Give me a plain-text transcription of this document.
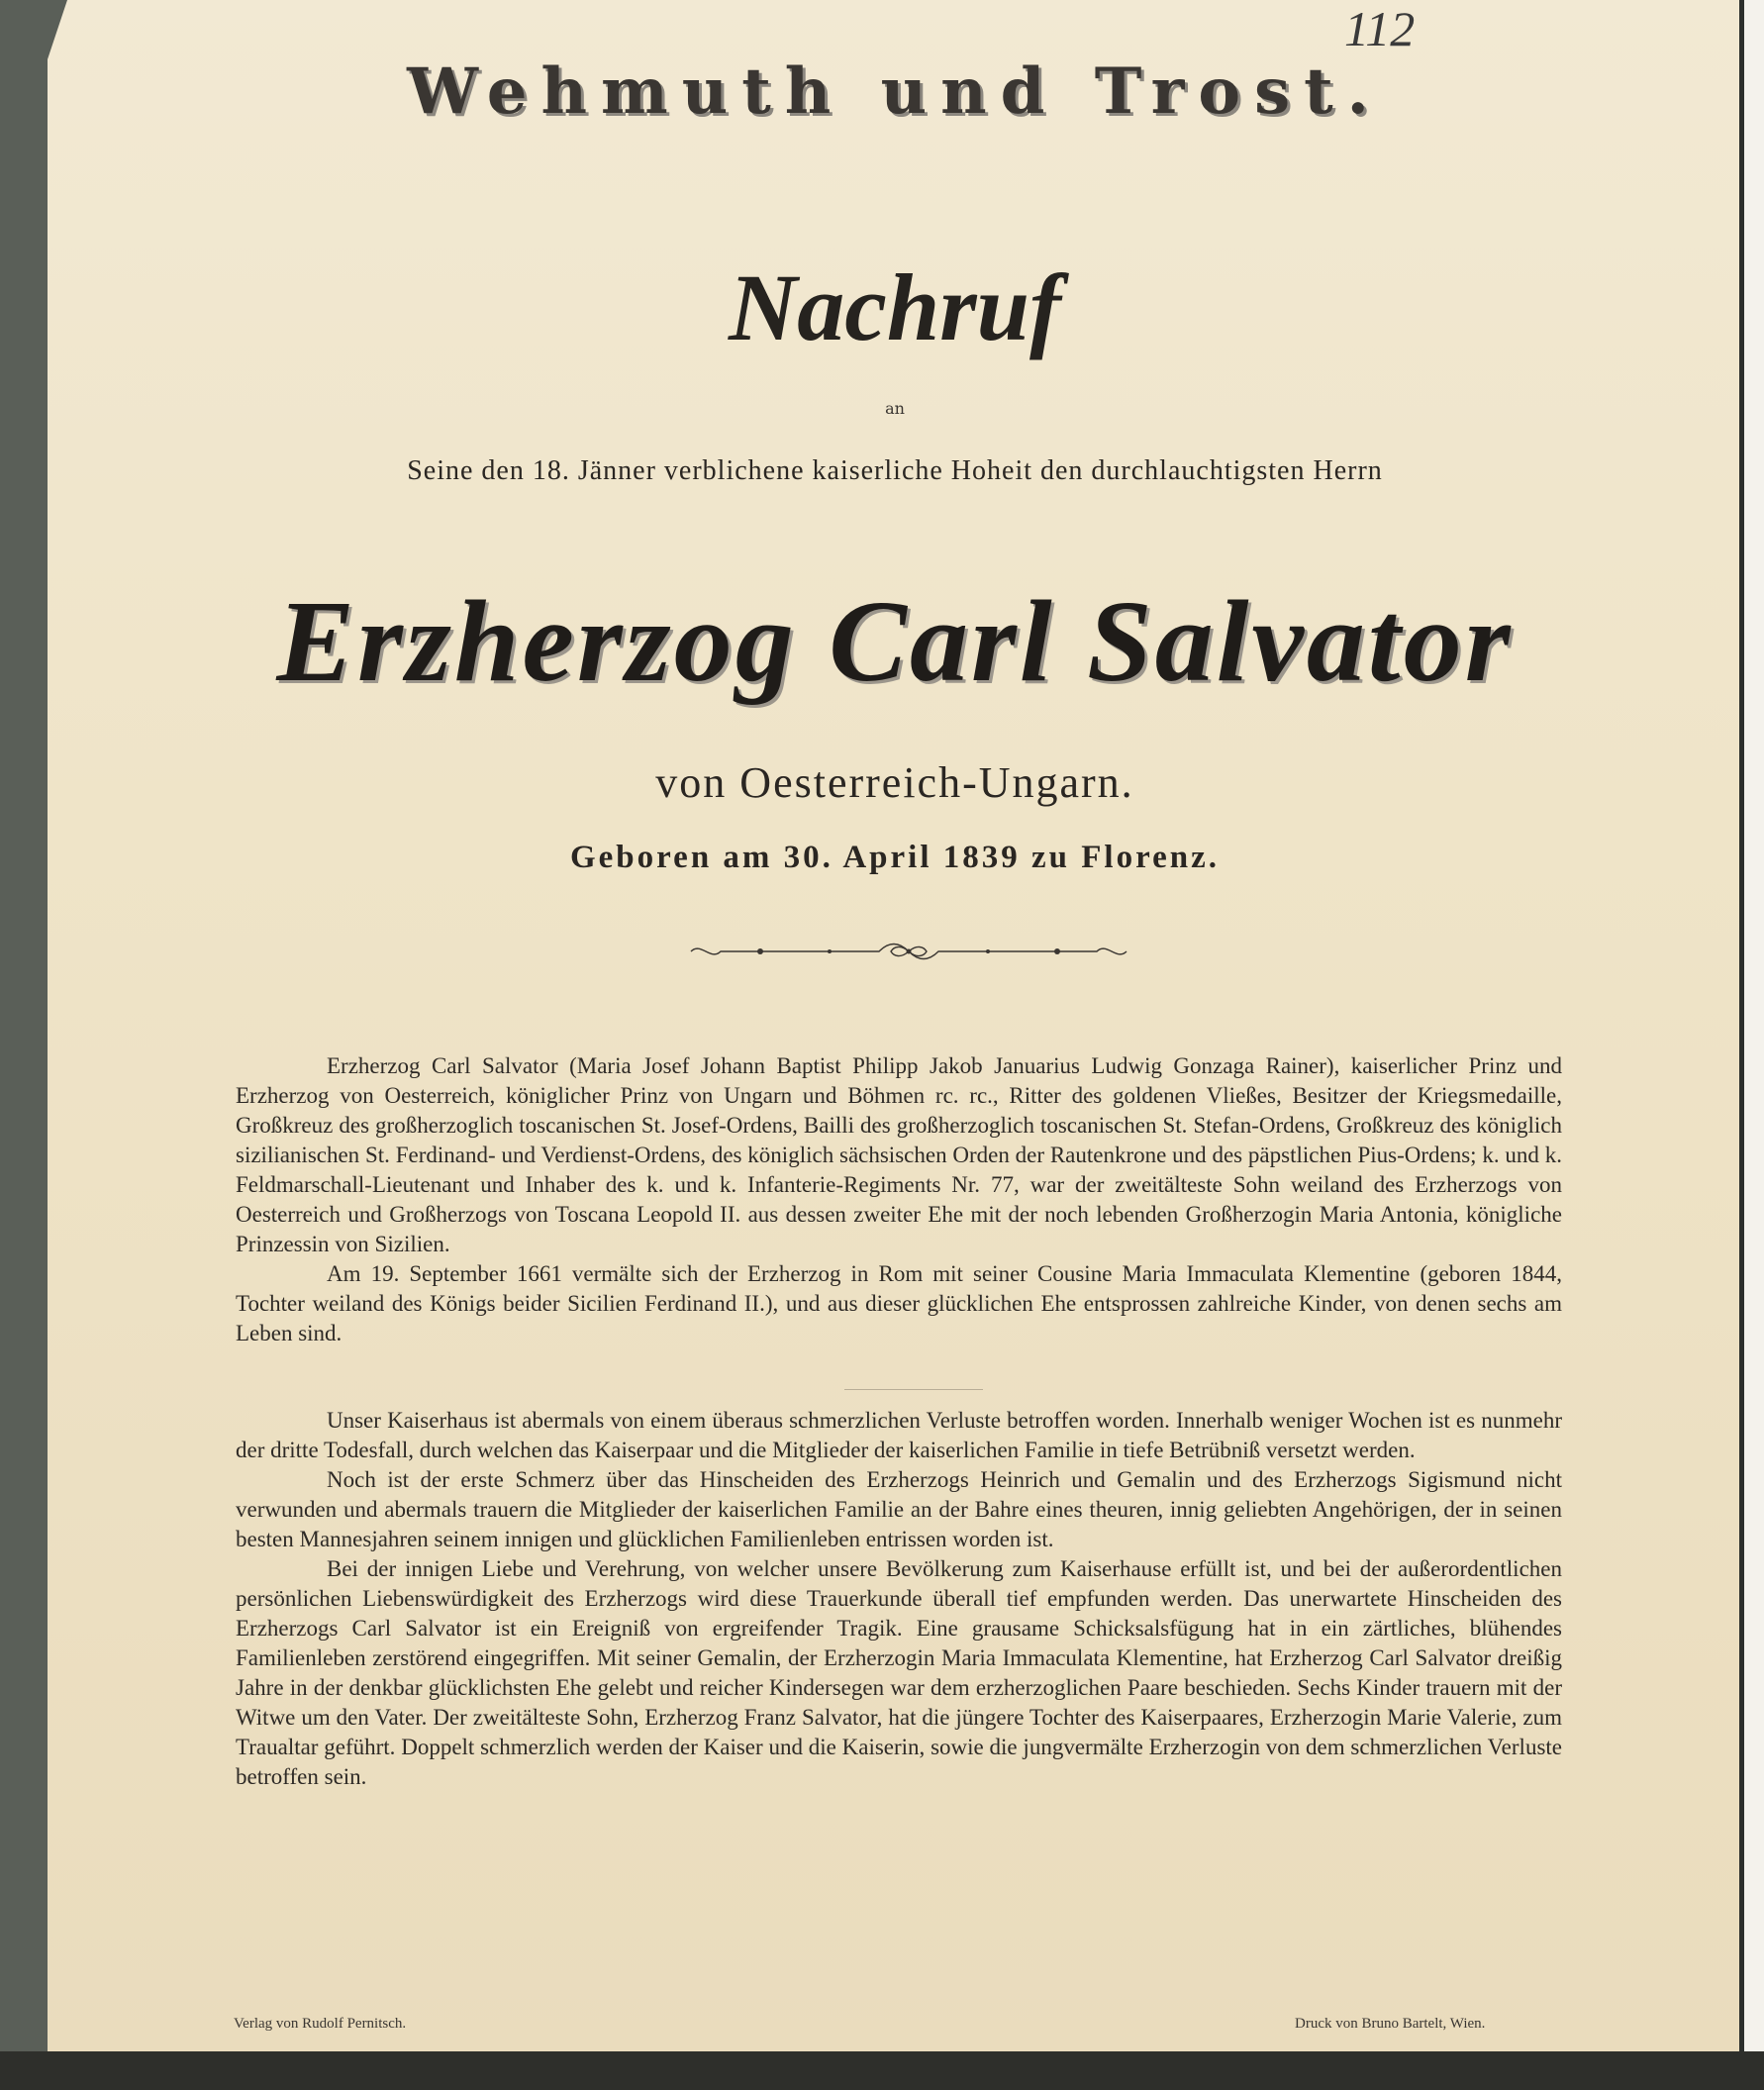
112
Wehmuth und Trost.
Nachruf
an
Seine den 18. Jänner verblichene kaiserliche Hoheit den durchlauchtigsten Herrn
Erzherzog Carl Salvator
von Oesterreich-Ungarn.
Geboren am 30. April 1839 zu Florenz.

Erzherzog Carl Salvator (Maria Josef Johann Baptist Philipp Jakob Januarius Ludwig Gonzaga Rainer), kaiserlicher Prinz und Erzherzog von Oesterreich, königlicher Prinz von Ungarn und Böhmen rc. rc., Ritter des goldenen Vließes, Besitzer der Kriegsmedaille, Großkreuz des großherzoglich toscanischen St. Josef-Ordens, Bailli des großherzoglich toscanischen St. Stefan-Ordens, Großkreuz des königlich sizilianischen St. Ferdinand- und Verdienst-Ordens, des königlich sächsischen Orden der Rautenkrone und des päpstlichen Pius-Ordens; k. und k. Feldmarschall-Lieutenant und Inhaber des k. und k. Infanterie-Regiments Nr. 77, war der zweitälteste Sohn weiland des Erzherzogs von Oesterreich und Großherzogs von Toscana Leopold II. aus dessen zweiter Ehe mit der noch lebenden Großherzogin Maria Antonia, königliche Prinzessin von Sizilien.

Am 19. September 1661 vermälte sich der Erzherzog in Rom mit seiner Cousine Maria Immaculata Klementine (geboren 1844, Tochter weiland des Königs beider Sicilien Ferdinand II.), und aus dieser glücklichen Ehe entsprossen zahlreiche Kinder, von denen sechs am Leben sind.

Unser Kaiserhaus ist abermals von einem überaus schmerzlichen Verluste betroffen worden. Innerhalb weniger Wochen ist es nunmehr der dritte Todesfall, durch welchen das Kaiserpaar und die Mitglieder der kaiserlichen Familie in tiefe Betrübniß versetzt werden.

Noch ist der erste Schmerz über das Hinscheiden des Erzherzogs Heinrich und Gemalin und des Erzherzogs Sigismund nicht verwunden und abermals trauern die Mitglieder der kaiserlichen Familie an der Bahre eines theuren, innig geliebten Angehörigen, der in seinen besten Mannesjahren seinem innigen und glücklichen Familienleben entrissen worden ist.

Bei der innigen Liebe und Verehrung, von welcher unsere Bevölkerung zum Kaiserhause erfüllt ist, und bei der außerordentlichen persönlichen Liebenswürdigkeit des Erzherzogs wird diese Trauerkunde überall tief empfunden werden. Das unerwartete Hinscheiden des Erzherzogs Carl Salvator ist ein Ereigniß von ergreifender Tragik. Eine grausame Schicksalsfügung hat in ein zärtliches, blühendes Familienleben zerstörend eingegriffen. Mit seiner Gemalin, der Erzherzogin Maria Immaculata Klementine, hat Erzherzog Carl Salvator dreißig Jahre in der denkbar glücklichsten Ehe gelebt und reicher Kindersegen war dem erzherzoglichen Paare beschieden. Sechs Kinder trauern mit der Witwe um den Vater. Der zweitälteste Sohn, Erzherzog Franz Salvator, hat die jüngere Tochter des Kaiserpaares, Erzherzogin Marie Valerie, zum Traualtar geführt. Doppelt schmerzlich werden der Kaiser und die Kaiserin, sowie die jungvermälte Erzherzogin von dem schmerzlichen Verluste betroffen sein.

Verlag von Rudolf Pernitsch.	Druck von Bruno Bartelt, Wien.
